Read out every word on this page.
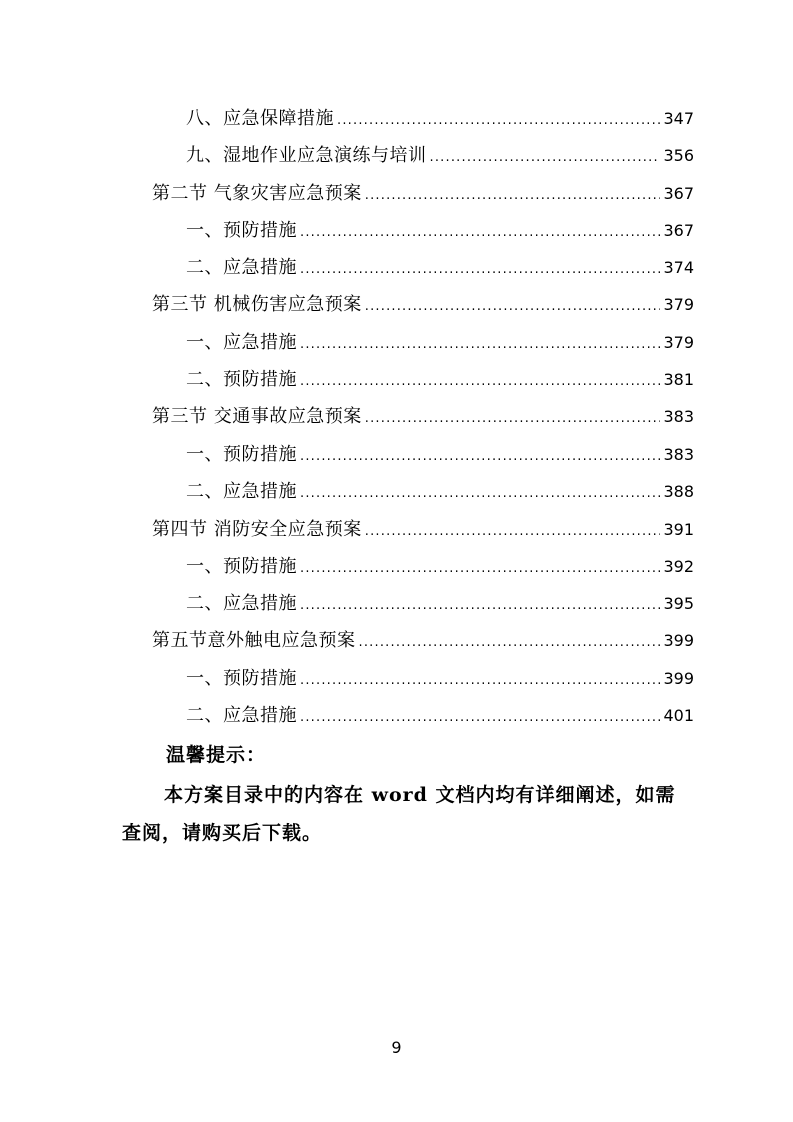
八、应急保障措施 .....	347
九、湿地作业应急演练与培训 .....	356
第二节 气象灾害应急预案 .....	367
一、预防措施 .....	367
二、应急措施 .....	374
第三节 机械伤害应急预案 .....	379
一、应急措施 .....	379
二、预防措施 .....	381
第三节 交通事故应急预案 .....	383
一、预防措施 .....	383
二、应急措施 .....	388
第四节 消防安全应急预案 .....	391
一、预防措施 .....	392
二、应急措施 .....	395
第五节意外触电应急预案 .....	399
一、预防措施 .....	399
二、应急措施 .....	401
温馨提示：
本方案目录中的内容在 word 文档内均有详细阐述，如需查阅，请购买后下载。
9
